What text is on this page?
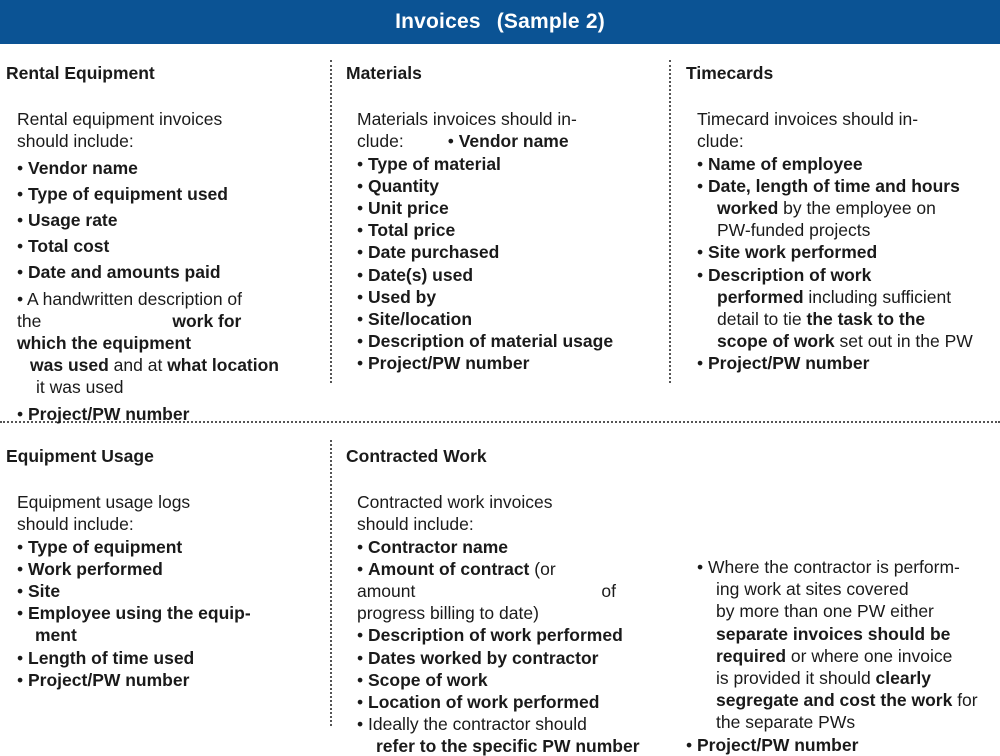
Invoices (Sample 2)
Rental Equipment
Rental equipment invoices
should include:
• Vendor name
• Type of equipment used
• Usage rate
• Total cost
• Date and amounts paid
• A handwritten description of
the	work for
which the equipment
was used and at what location
it was used
• Project/PW number
Materials
Materials invoices should in-
clude:	• Vendor name
• Type of material
• Quantity
• Unit price
• Total price
• Date purchased
• Date(s) used
• Used by
• Site/location
• Description of material usage
• Project/PW number
Timecards
Timecard invoices should in-
clude:
• Name of employee
• Date, length of time and hours
worked by the employee on
PW-funded projects
• Site work performed
• Description of work
performed including sufficient
detail to tie the task to the
scope of work set out in the PW
• Project/PW number
Equipment Usage
Equipment usage logs
should include:
• Type of equipment
• Work performed
• Site
• Employee using the equip-
ment
• Length of time used
• Project/PW number
Contracted Work
Contracted work invoices
should include:
• Contractor name
• Amount of contract (or
amount	of
progress billing to date)
• Description of work performed
• Dates worked by contractor
• Scope of work
• Location of work performed
• Ideally the contractor should
refer to the specific PW number
• Where the contractor is perform-
ing work at sites covered
by more than one PW either
separate invoices should be
required or where one invoice
is provided it should clearly
segregate and cost the work for
the separate PWs
• Project/PW number
